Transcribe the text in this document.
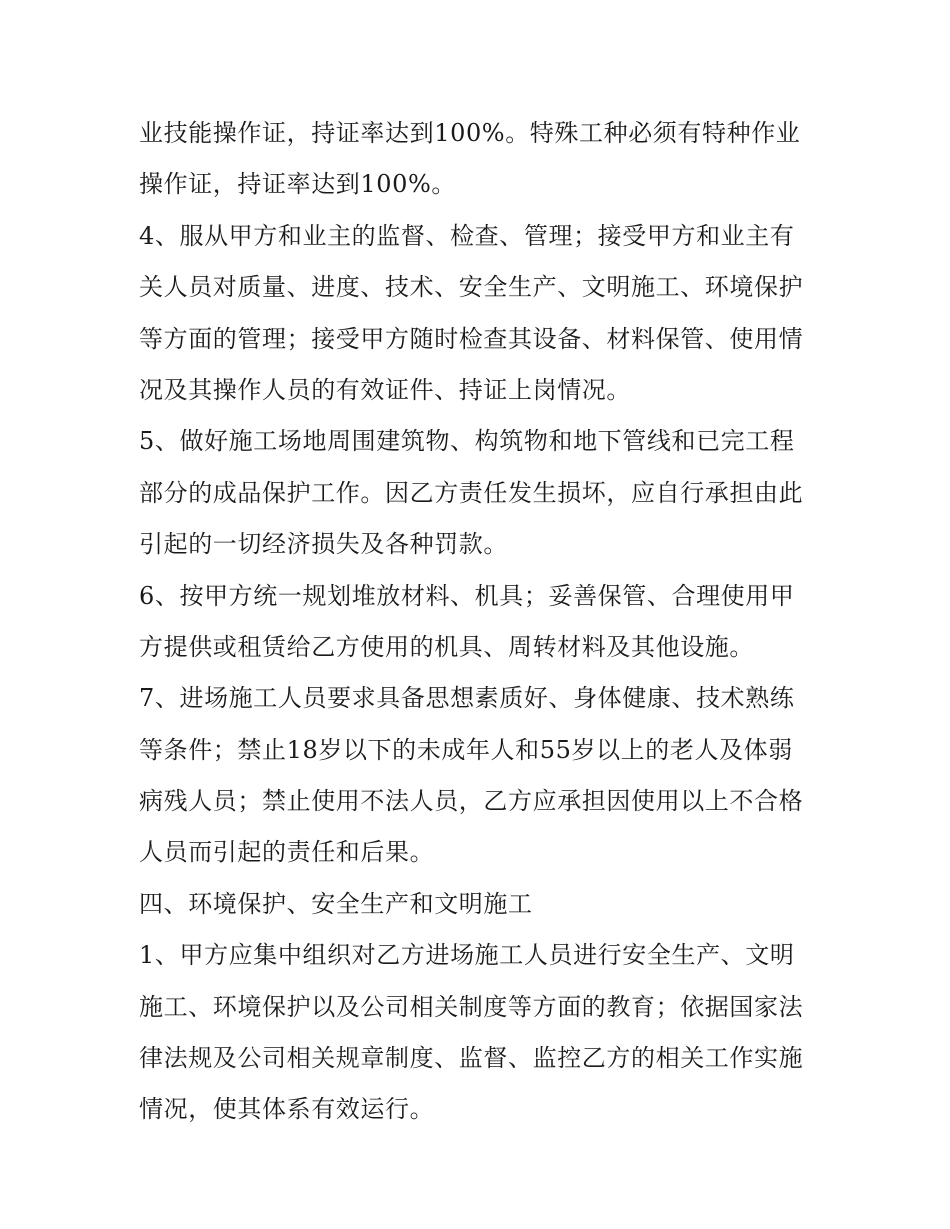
业技能操作证，持证率达到100%。特殊工种必须有特种作业

操作证，持证率达到100%。

4、服从甲方和业主的监督、检查、管理；接受甲方和业主有

关人员对质量、进度、技术、安全生产、文明施工、环境保护

等方面的管理；接受甲方随时检查其设备、材料保管、使用情

况及其操作人员的有效证件、持证上岗情况。

5、做好施工场地周围建筑物、构筑物和地下管线和已完工程

部分的成品保护工作。因乙方责任发生损坏，应自行承担由此

引起的一切经济损失及各种罚款。

6、按甲方统一规划堆放材料、机具；妥善保管、合理使用甲

方提供或租赁给乙方使用的机具、周转材料及其他设施。

7、进场施工人员要求具备思想素质好、身体健康、技术熟练

等条件；禁止18岁以下的未成年人和55岁以上的老人及体弱

病残人员；禁止使用不法人员，乙方应承担因使用以上不合格

人员而引起的责任和后果。

四、环境保护、安全生产和文明施工

1、甲方应集中组织对乙方进场施工人员进行安全生产、文明

施工、环境保护以及公司相关制度等方面的教育；依据国家法

律法规及公司相关规章制度、监督、监控乙方的相关工作实施

情况，使其体系有效运行。
